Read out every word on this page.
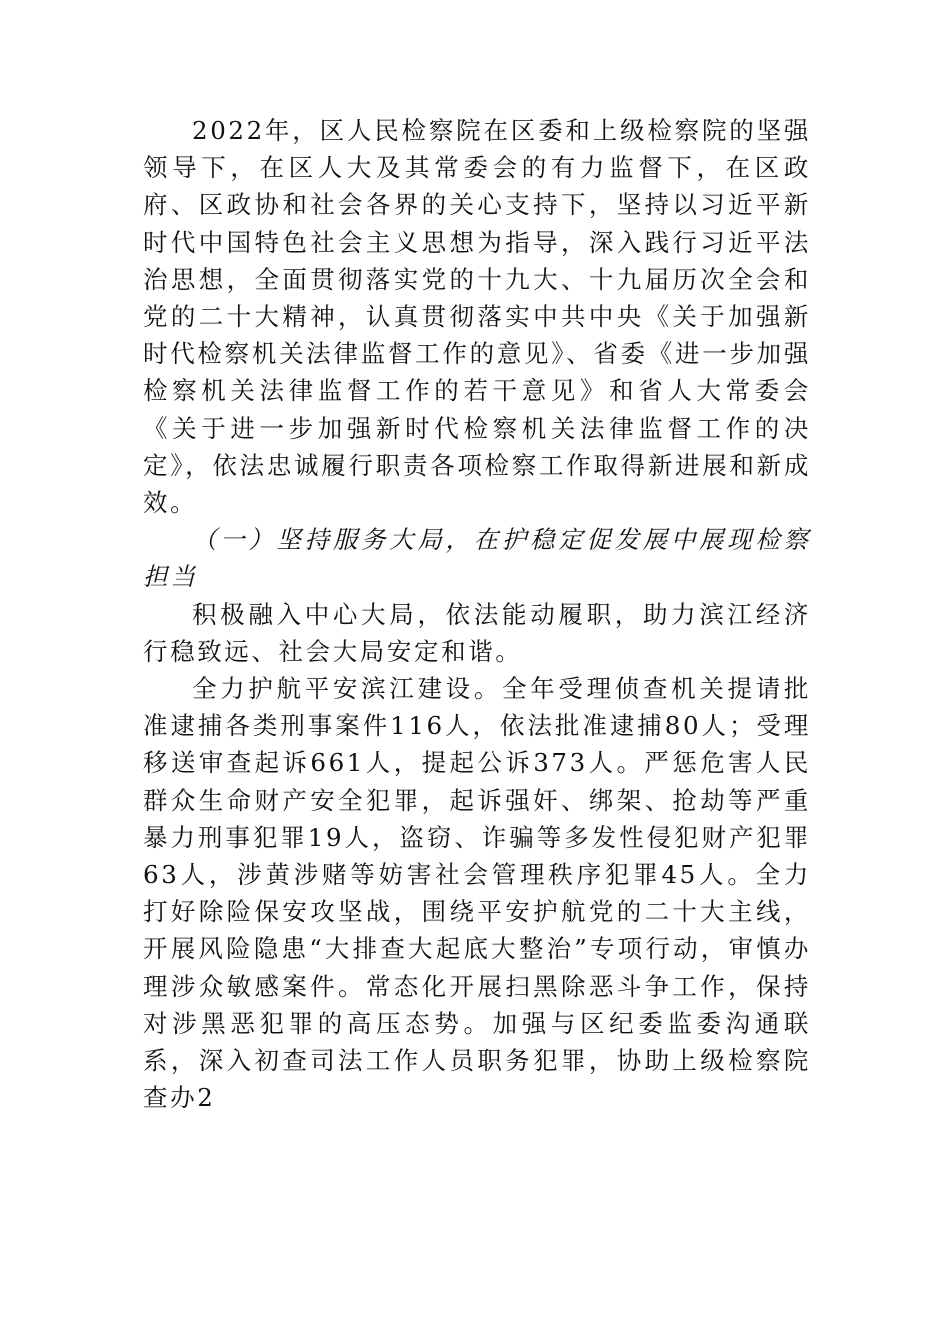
2022年，区人民检察院在区委和上级检察院的坚强领导下，在区人大及其常委会的有力监督下，在区政府、区政协和社会各界的关心支持下，坚持以习近平新时代中国特色社会主义思想为指导，深入践行习近平法治思想，全面贯彻落实党的十九大、十九届历次全会和党的二十大精神，认真贯彻落实中共中央《关于加强新时代检察机关法律监督工作的意见》、省委《进一步加强检察机关法律监督工作的若干意见》和省人大常委会《关于进一步加强新时代检察机关法律监督工作的决定》，依法忠诚履行职责各项检察工作取得新进展和新成效。

（一）坚持服务大局，在护稳定促发展中展现检察担当

积极融入中心大局，依法能动履职，助力滨江经济行稳致远、社会大局安定和谐。

全力护航平安滨江建设。全年受理侦查机关提请批准逮捕各类刑事案件116人，依法批准逮捕80人；受理移送审查起诉661人，提起公诉373人。严惩危害人民群众生命财产安全犯罪，起诉强奸、绑架、抢劫等严重暴力刑事犯罪19人，盗窃、诈骗等多发性侵犯财产犯罪63人，涉黄涉赌等妨害社会管理秩序犯罪45人。全力打好除险保安攻坚战，围绕平安护航党的二十大主线，开展风险隐患“大排查大起底大整治”专项行动，审慎办理涉众敏感案件。常态化开展扫黑除恶斗争工作，保持对涉黑恶犯罪的高压态势。加强与区纪委监委沟通联系，深入初查司法工作人员职务犯罪，协助上级检察院查办2
